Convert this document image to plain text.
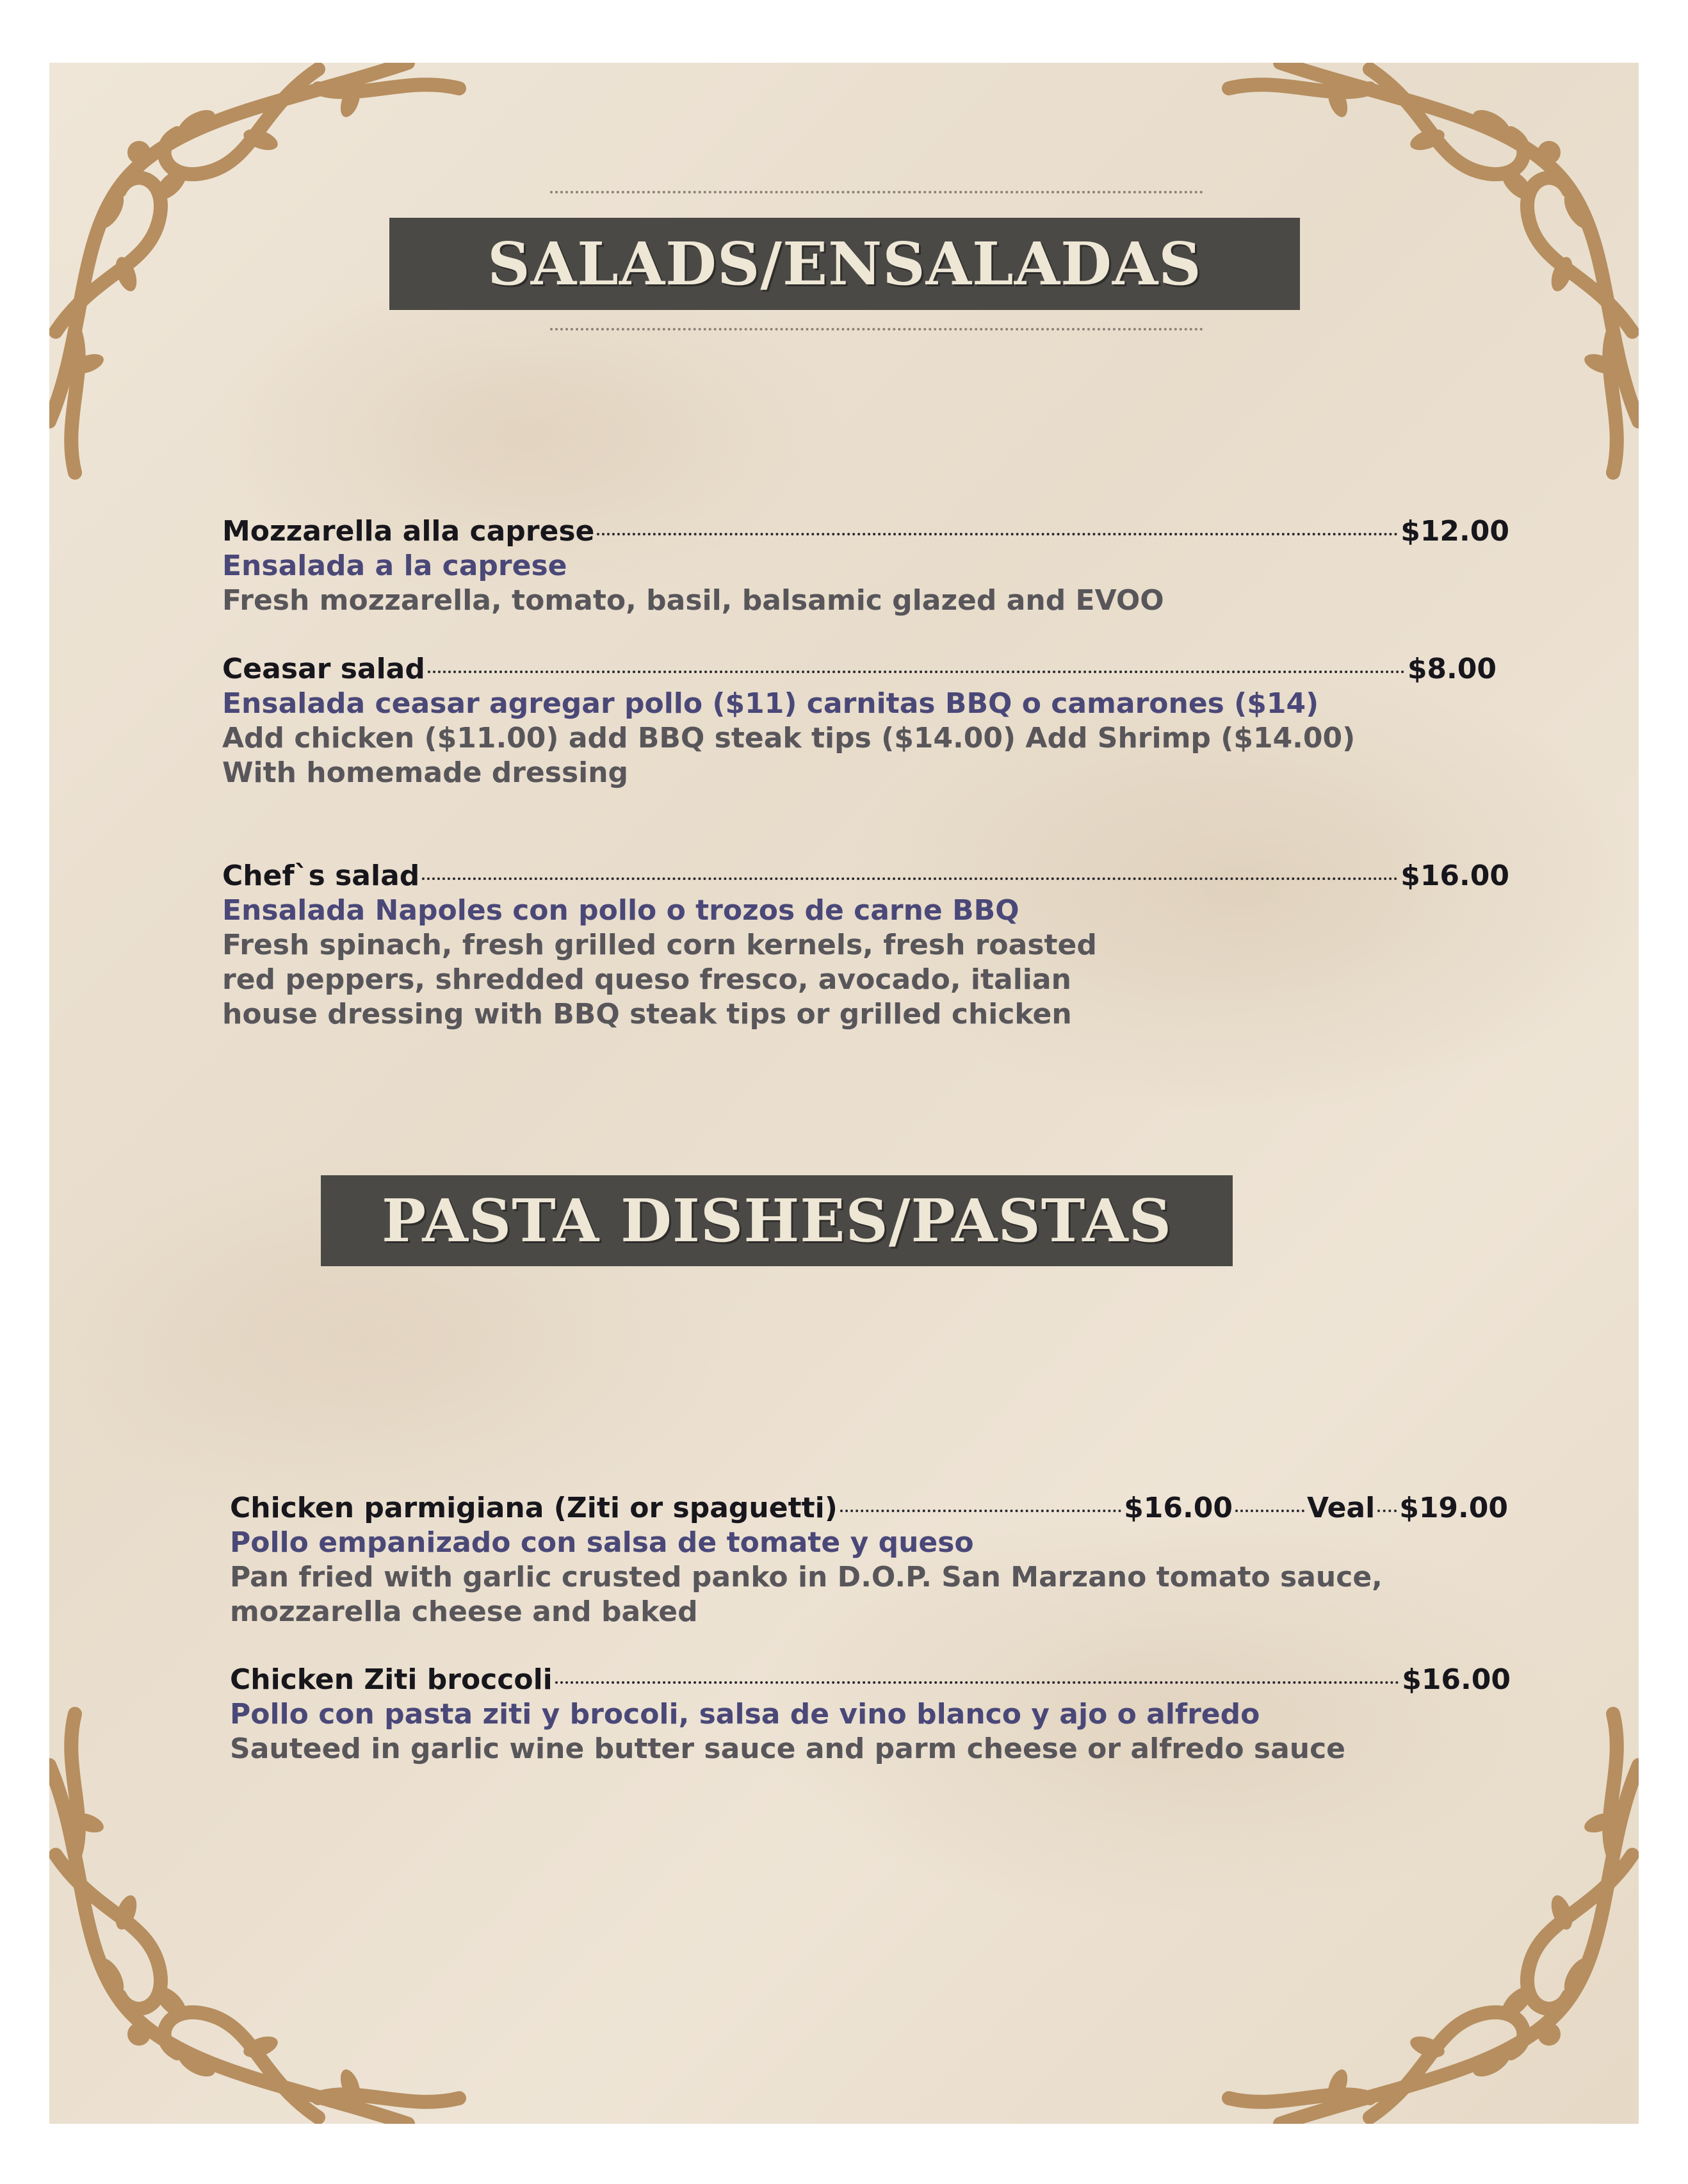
SALADS/ENSALADAS
Mozzarella alla caprese	$12.00
Ensalada a la caprese
Fresh mozzarella, tomato, basil, balsamic glazed and EVOO
Ceasar salad	$8.00
Ensalada ceasar agregar pollo ($11) carnitas BBQ o camarones ($14)
Add chicken ($11.00) add BBQ steak tips ($14.00) Add Shrimp ($14.00)
With homemade dressing
Chef`s salad	$16.00
Ensalada Napoles con pollo o trozos de carne BBQ
Fresh spinach, fresh grilled corn kernels, fresh roasted
red peppers, shredded queso fresco, avocado, italian
house dressing with BBQ steak tips or grilled chicken
PASTA DISHES/PASTAS
Chicken parmigiana (Ziti or spaguetti)	$16.00	Veal $19.00
Pollo empanizado con salsa de tomate y queso
Pan fried with garlic crusted panko in D.O.P. San Marzano tomato sauce,
mozzarella cheese and baked
Chicken Ziti broccoli	$16.00
Pollo con pasta ziti y brocoli, salsa de vino blanco y ajo o alfredo
Sauteed in garlic wine butter sauce and parm cheese or alfredo sauce
